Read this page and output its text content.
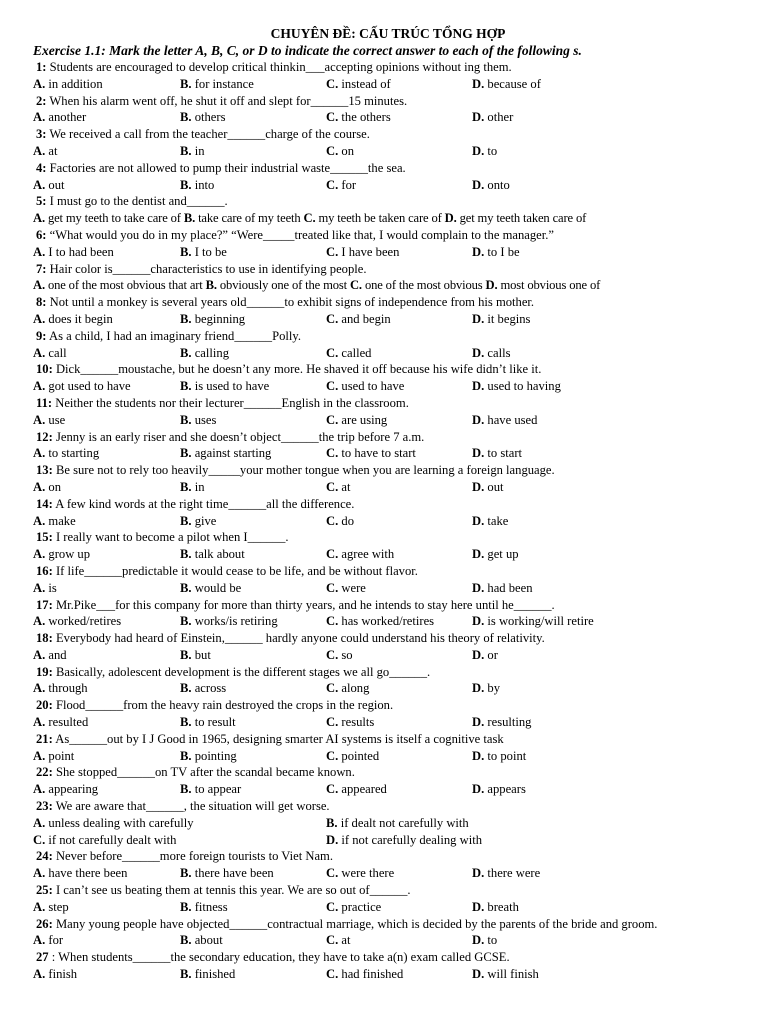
CHUYÊN ĐỀ: CẤU TRÚC TỔNG HỢP
Exercise 1.1: Mark the letter A, B, C, or D to indicate the correct answer to each of the following s.
1: Students are encouraged to develop critical thinkin___accepting opinions without ing them.
A. in addition	B. for instance	C. instead of	D. because of
2: When his alarm went off, he shut it off and slept for______15 minutes.
A. another	B. others	C. the others	D. other
3: We received a call from the teacher______charge of the course.
A. at	B. in	C. on	D. to
4: Factories are not allowed to pump their industrial waste______the sea.
A. out	B. into	C. for	D. onto
5: I must go to the dentist and______.
A. get my teeth to take care of B. take care of my teeth C. my teeth be taken care of D. get my teeth taken care of
6: “What would you do in my place?” “Were_____treated like that, I would complain to the manager.”
A. I to had been	B. I to be	C. I have been	D. to I be
7: Hair color is______characteristics to use in identifying people.
A. one of the most obvious that art B. obviously one of the most C. one of the most obvious D. most obvious one of
8: Not until a monkey is several years old______to exhibit signs of independence from his mother.
A. does it begin	B. beginning	C. and begin	D. it begins
9: As a child, I had an imaginary friend______Polly.
A. call	B. calling	C. called	D. calls
10: Dick______moustache, but he doesn’t any more. He shaved it off because his wife didn’t like it.
A. got used to have	B. is used to have	C. used to have	D. used to having
11: Neither the students nor their lecturer______English in the classroom.
A. use	B. uses	C. are using	D. have used
12: Jenny is an early riser and she doesn’t object______the trip before 7 a.m.
A. to starting	B. against starting	C. to have to start	D. to start
13: Be sure not to rely too heavily_____your mother tongue when you are learning a foreign language.
A. on	B. in	C. at	D. out
14: A few kind words at the right time______all the difference.
A. make	B. give	C. do	D. take
15: I really want to become a pilot when I______.
A. grow up	B. talk about	C. agree with	D. get up
16: If life______predictable it would cease to be life, and be without flavor.
A. is	B. would be	C. were	D. had been
17: Mr.Pike___for this company for more than thirty years, and he intends to stay here until he______.
A. worked/retires	B. works/is retiring	C. has worked/retires	D. is working/will retire
18: Everybody had heard of Einstein,______ hardly anyone could understand his theory of relativity.
A. and	B. but	C. so	D. or
19: Basically, adolescent development is the different stages we all go______.
A. through	B. across	C. along	D. by
20: Flood______from the heavy rain destroyed the crops in the region.
A. resulted	B. to result	C. results	D. resulting
21: As______out by I J Good in 1965, designing smarter AI systems is itself a cognitive task
A. point	B. pointing	C. pointed	D. to point
22: She stopped______on TV after the scandal became known.
A. appearing	B. to appear	C. appeared	D. appears
23: We are aware that______, the situation will get worse.
A. unless dealing with carefully	B. if dealt not carefully with
C. if not carefully dealt with	D. if not carefully dealing with
24: Never before______more foreign tourists to Viet Nam.
A. have there been	B. there have been	C. were there	D. there were
25: I can’t see us beating them at tennis this year. We are so out of______.
A. step	B. fitness	C. practice	D. breath
26: Many young people have objected______contractual marriage, which is decided by the parents of the bride and groom.
A. for	B. about	C. at	D. to
27 : When students______the secondary education, they have to take a(n) exam called GCSE.
A. finish	B. finished	C. had finished	D. will finish
